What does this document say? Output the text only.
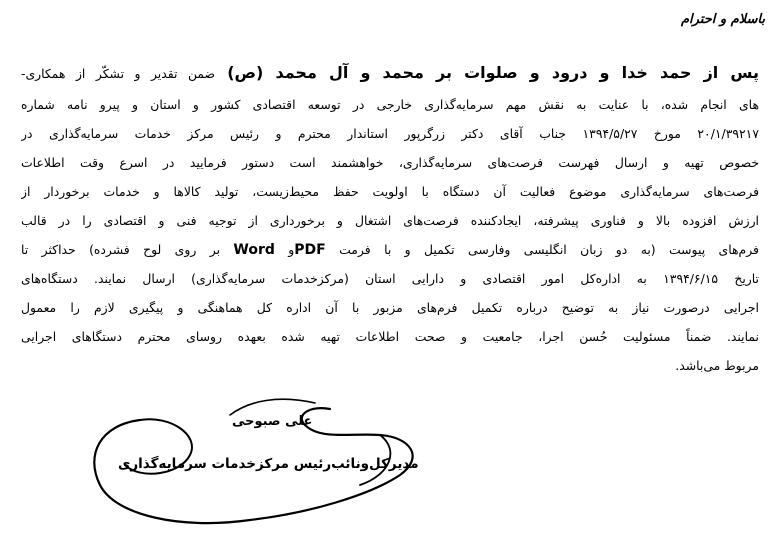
باسلام و احترام
پس از حمد خدا و درود و صلوات بر محمد و آل محمد (ص) ضمن تقدیر و تشکّر از همکاری-
های انجام شده، با عنایت به نقش مهم سرمایه‌گذاری خارجی در توسعه اقتصادی کشور و استان و پیرو نامه شماره
۲۰/۱/۳۹۲۱۷ مورخ ۱۳۹۴/۵/۲۷ جناب آقای دکتر زرگرپور استاندار محترم و رئیس مرکز خدمات سرمایه‌گذاری در
خصوص تهیه و ارسال فهرست فرصت‌های سرمایه‌گذاری، خواهشمند است دستور فرمایید در اسرع وقت اطلاعات
فرصت‌های سرمایه‌گذاری موضوع فعالیت آن دستگاه با اولویت حفظ محیط‌زیست، تولید کالاها و خدمات برخوردار از
ارزش افزوده بالا و فناوری پیشرفته، ایجادکننده فرصت‌های اشتغال و برخورداری از توجیه فنی و اقتصادی را در قالب
فرم‌های پیوست (به دو زبان انگلیسی وفارسی تکمیل و با فرمت PDFو Word بر روی لوح فشرده) حداکثر تا
تاریخ ۱۳۹۴/۶/۱۵ به اداره‌کل امور اقتصادی و دارایی استان (مرکزخدمات سرمایه‌گذاری) ارسال نمایند. دستگاه‌های
اجرایی درصورت نیاز به توضیح درباره تکمیل فرم‌های مزبور با آن اداره کل هماهنگی و پیگیری لازم را معمول
نمایند. ضمناً مسئولیت حُسن اجرا، جامعیت و صحت اطلاعات تهیه شده بعهده روسای محترم دستگاهای اجرایی
مربوط می‌باشد.
علی صبوحی
مدیرکل‌ونائب‌رئیس مرکزخدمات سرمایه‌گذاری
